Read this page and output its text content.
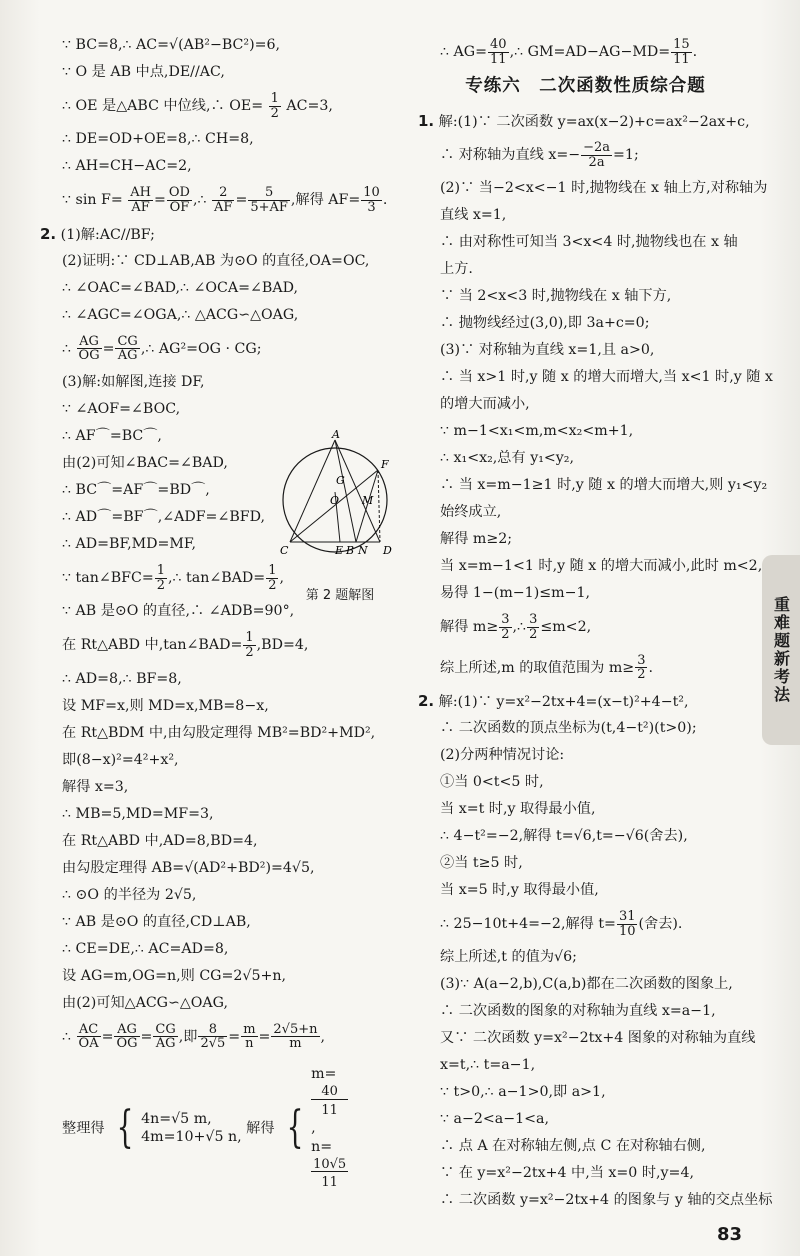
∵ BC=8,∴ AC=√(AB²−BC²)=6,
∵ O 是 AB 中点,DE//AC,
∴ OE 是△ABC 中位线,∴ $OE= \frac{1}{2} AC=3$,
∴ DE=OD+OE=8,∴ CH=8,
∴ AH=CH−AC=2,
∵ $\sin F= \frac{AH}{AF} = \frac{OD}{OF}$ ,∴ $\frac{2}{AF} = \frac{5}{5+AF}$ ,解得 $AF= \frac{10}{3}$ .
2. (1)解:AC//BF;
(2)证明:∵ CD⊥AB,AB 为⊙O 的直径,OA=OC,
∴ ∠OAC=∠BAD,∴ ∠OCA=∠BAD,
∴ ∠AGC=∠OGA,∴ △ACG∽△OAG,
∴ $\frac{AG}{OG} = \frac{CG}{AG}$ ,∴ AG²=OG · CG;
(3)解:如解图,连接 DF,
∵ ∠AOF=∠BOC,
∴ AF⌒=BC⌒,
由(2)可知∠BAC=∠BAD,
∴ BC⌒=AF⌒=BD⌒,
∴ AD⌒=BF⌒,∠ADF=∠BFD,
∴ AD=BF,MD=MF,
∵ tan∠BFC= $\frac{1}{2}$ ,∴ tan∠BAD= $\frac{1}{2}$ ,
∵ AB 是⊙O 的直径,∴ ∠ADB=90°,
在 Rt△ABD 中,tan∠BAD= $\frac{1}{2} ,BD=4$,
∴ AD=8,∴ BF=8,
设 MF=x,则 MD=x,MB=8−x,
在 Rt△BDM 中,由勾股定理得 MB²=BD²+MD²,
即(8−x)²=4²+x²,
解得 x=3,
∴ MB=5,MD=MF=3,
在 Rt△ABD 中,AD=8,BD=4,
由勾股定理得 AB=√(AD²+BD²)=4√5,
∴ ⊙O 的半径为 2√5,
∵ AB 是⊙O 的直径,CD⊥AB,
∴ CE=DE,∴ AC=AD=8,
设 AG=m,OG=n,则 CG=2√5+n,
由(2)可知△ACG∽△OAG,
∴ $\frac{AC}{OA} = \frac{AG}{OG} = \frac{CG}{AG}$ ,即 $\frac{8}{2√5} = \frac{m}{n} = \frac{2√5+n}{m}$ ,
整理得 { 4n=√5 m,
4m=10+√5 n,
解得 {
m=
40
11
,
n=
10√5
11
A
F
G
O M
C	E B N D
第 2 题解图
∴ $AG= \frac{40}{11}$ ,∴ $GM=AD-AG-MD= \frac{15}{11}$ .
专练六　二次函数性质综合题
1. 解:(1)∵ 二次函数 y=ax(x−2)+c=ax²−2ax+c,
∴ 对称轴为直线 $x=- \frac{-2a}{2a} =1$;
(2)∵ 当−2<x<−1 时,抛物线在 x 轴上方,对称轴为
直线 x=1,
∴ 由对称性可知当 3<x<4 时,抛物线也在 x 轴
上方.
∵ 当 2<x<3 时,抛物线在 x 轴下方,
∴ 抛物线经过(3,0),即 3a+c=0;
(3)∵ 对称轴为直线 x=1,且 a>0,
∴ 当 x>1 时,y 随 x 的增大而增大,当 x<1 时,y 随 x
的增大而减小,
∵ m−1<x₁<m,m<x₂<m+1,
∴ x₁<x₂,总有 y₁<y₂,
∴ 当 x=m−1≥1 时,y 随 x 的增大而增大,则 y₁<y₂
始终成立,
解得 m≥2;
当 x=m−1<1 时,y 随 x 的增大而减小,此时 m<2,
易得 1−(m−1)≤m−1,
解得 $m\ge \frac{3}{2}$ ,∴ $\frac{3}{2} \le m<2$,
综上所述,m 的取值范围为 $m\ge \frac{3}{2}$ .
2. 解:(1)∵ y=x²−2tx+4=(x−t)²+4−t²,
∴ 二次函数的顶点坐标为(t,4−t²)(t>0);
(2)分两种情况讨论:
①当 0<t<5 时,
当 x=t 时,y 取得最小值,
∴ 4−t²=−2,解得 t=√6,t=−√6(舍去),
②当 t≥5 时,
当 x=5 时,y 取得最小值,
∴ 25−10t+4=−2,解得 $t= \frac{31}{10}$ (舍去).
综上所述,t 的值为√6;
(3)∵ A(a−2,b),C(a,b)都在二次函数的图象上,
∴ 二次函数的图象的对称轴为直线 x=a−1,
又∵ 二次函数 y=x²−2tx+4 图象的对称轴为直线
x=t,∴ t=a−1,
∵ t>0,∴ a−1>0,即 a>1,
∵ a−2<a−1<a,
∴ 点 A 在对称轴左侧,点 C 在对称轴右侧,
∵ 在 y=x²−2tx+4 中,当 x=0 时,y=4,
∴ 二次函数 y=x²−2tx+4 的图象与 y 轴的交点坐标
重难题新考法
83
